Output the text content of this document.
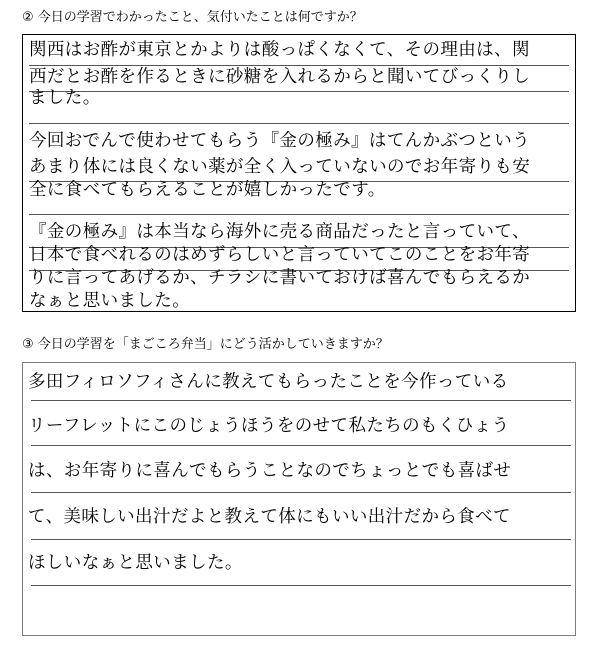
② 今日の学習でわかったこと、気付いたことは何ですか？
関西はお酢が東京とかよりは酸っぱくなくて、その理由は、関
西だとお酢を作るときに砂糖を入れるからと聞いてびっくりし
ました。
今回おでんで使わせてもらう『金の極み』はてんかぶつという
あまり体には良くない薬が全く入っていないのでお年寄りも安
全に食べてもらえることが嬉しかったです。
『金の極み』は本当なら海外に売る商品だったと言っていて、
日本で食べれるのはめずらしいと言っていてこのことをお年寄
りに言ってあげるか、チラシに書いておけば喜んでもらえるか
なぁと思いました。
③ 今日の学習を「まごころ弁当」にどう活かしていきますか？
多田フィロソフィさんに教えてもらったことを今作っている
リーフレットにこのじょうほうをのせて私たちのもくひょう
は、お年寄りに喜んでもらうことなのでちょっとでも喜ばせ
て、美味しい出汁だよと教えて体にもいい出汁だから食べて
ほしいなぁと思いました。
